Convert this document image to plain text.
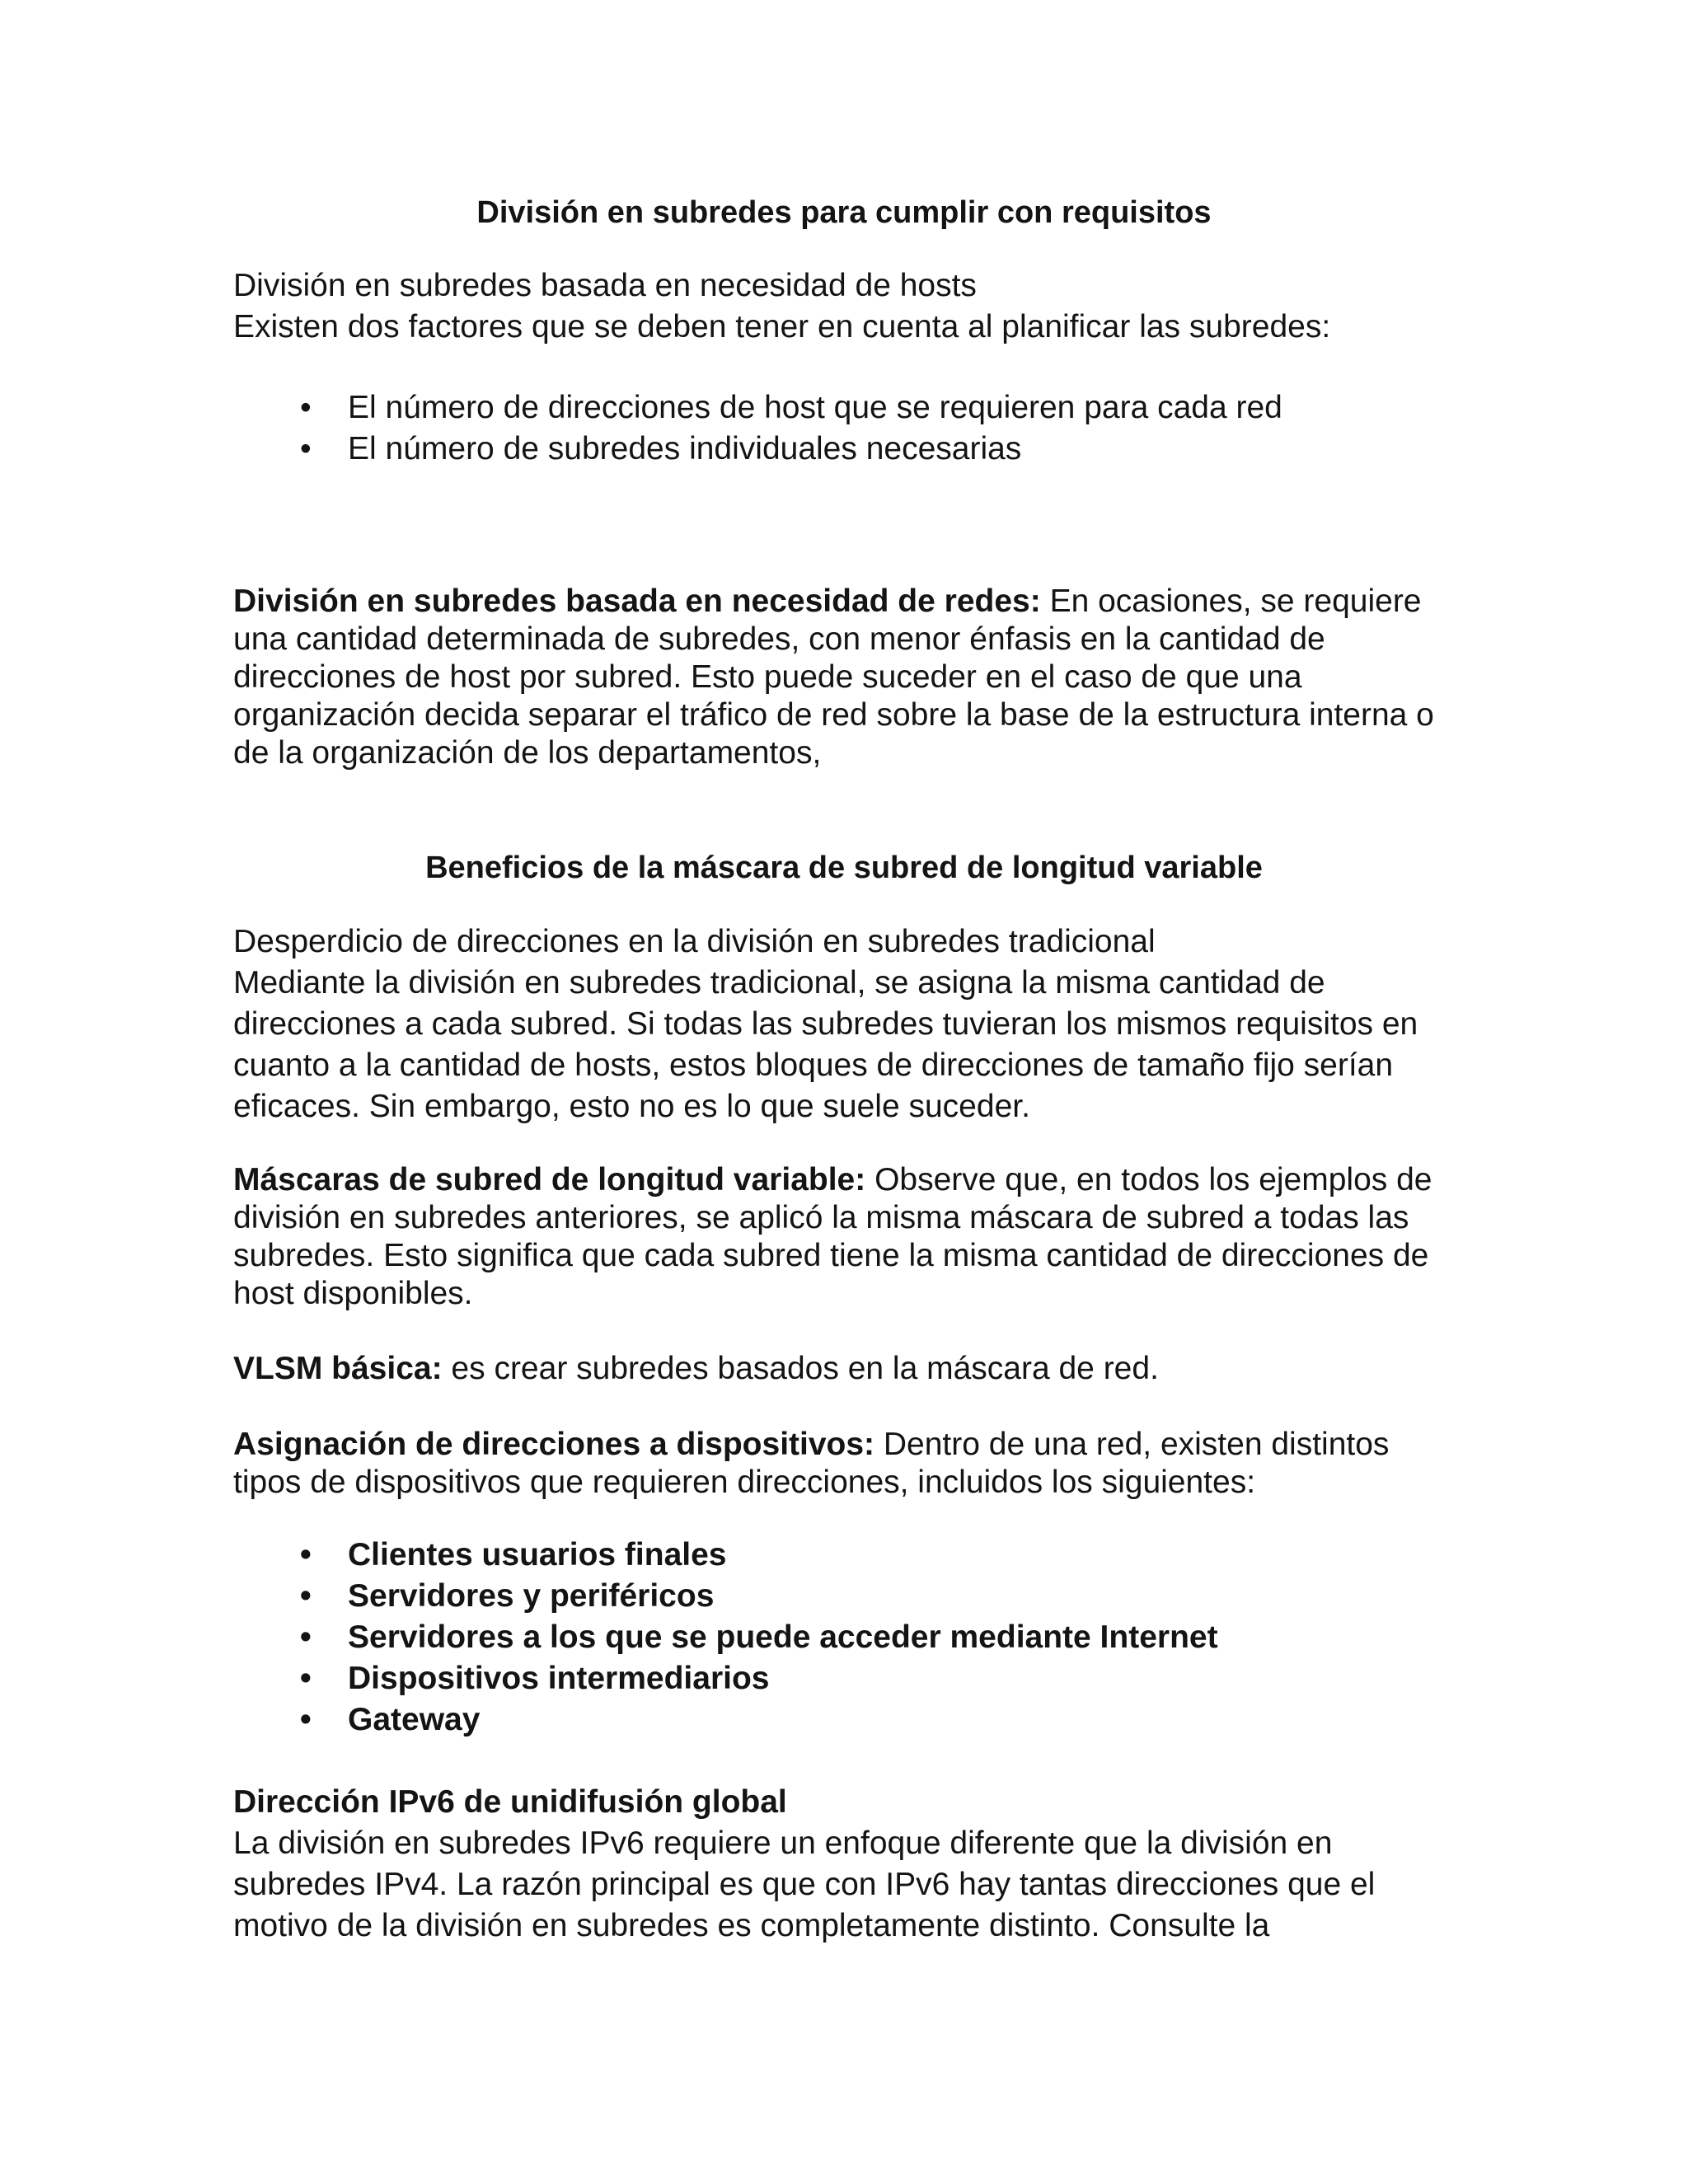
División en subredes para cumplir con requisitos
División en subredes basada en necesidad de hosts
Existen dos factores que se deben tener en cuenta al planificar las subredes:
• El número de direcciones de host que se requieren para cada red
• El número de subredes individuales necesarias
División en subredes basada en necesidad de redes: En ocasiones, se requiere una cantidad determinada de subredes, con menor énfasis en la cantidad de direcciones de host por subred. Esto puede suceder en el caso de que una organización decida separar el tráfico de red sobre la base de la estructura interna o de la organización de los departamentos,
Beneficios de la máscara de subred de longitud variable
Desperdicio de direcciones en la división en subredes tradicional
Mediante la división en subredes tradicional, se asigna la misma cantidad de direcciones a cada subred. Si todas las subredes tuvieran los mismos requisitos en cuanto a la cantidad de hosts, estos bloques de direcciones de tamaño fijo serían eficaces. Sin embargo, esto no es lo que suele suceder.
Máscaras de subred de longitud variable: Observe que, en todos los ejemplos de división en subredes anteriores, se aplicó la misma máscara de subred a todas las subredes. Esto significa que cada subred tiene la misma cantidad de direcciones de host disponibles.
VLSM básica: es crear subredes basados en la máscara de red.
Asignación de direcciones a dispositivos: Dentro de una red, existen distintos tipos de dispositivos que requieren direcciones, incluidos los siguientes:
• Clientes usuarios finales
• Servidores y periféricos
• Servidores a los que se puede acceder mediante Internet
• Dispositivos intermediarios
• Gateway
Dirección IPv6 de unidifusión global
La división en subredes IPv6 requiere un enfoque diferente que la división en subredes IPv4. La razón principal es que con IPv6 hay tantas direcciones que el motivo de la división en subredes es completamente distinto. Consulte la
